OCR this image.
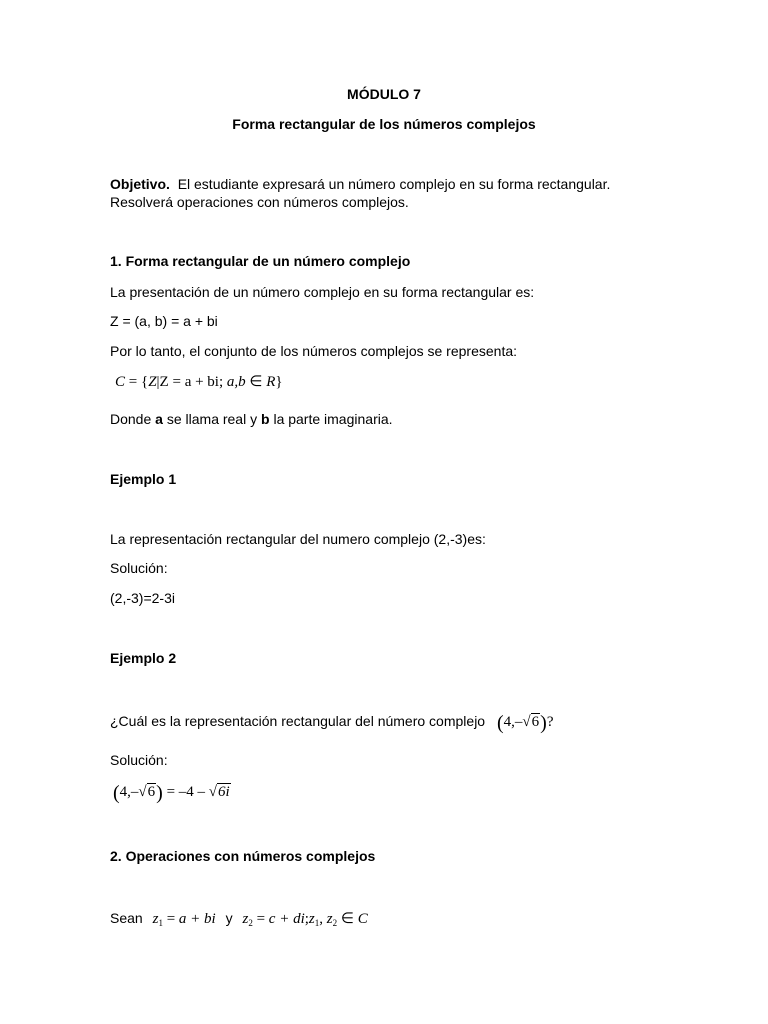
MÓDULO 7
Forma rectangular de los números complejos
Objetivo. El estudiante expresará un número complejo en su forma rectangular.
Resolverá operaciones con números complejos.
1. Forma rectangular de un número complejo
La presentación de un número complejo en su forma rectangular es:
Z = (a, b) = a + bi
Por lo tanto, el conjunto de los números complejos se representa:
C = {Z|Z = a + bi; a,b ∈ R}
Donde a se llama real y b la parte imaginaria.
Ejemplo 1
La representación rectangular del numero complejo (2,-3)es:
Solución:
(2,-3)=2-3i
Ejemplo 2
¿Cuál es la representación rectangular del número complejo (4,–√6)?
Solución:
(4,–√6) = –4 – √6i
2. Operaciones con números complejos
Sean $z_1 = a$ + bi y $z_2 = c$ + $di;z_1$, $z_2$ ∈ C
